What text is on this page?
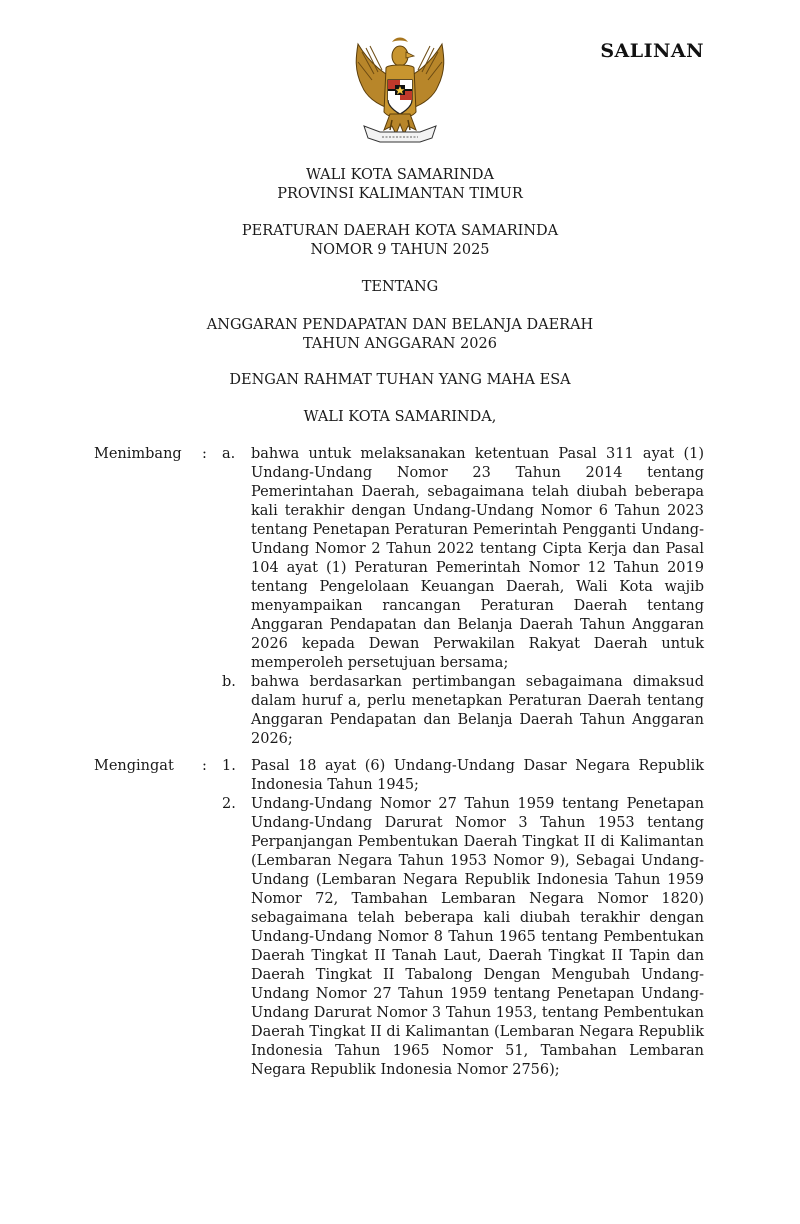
SALINAN
WALI KOTA SAMARINDA
PROVINSI KALIMANTAN TIMUR
PERATURAN DAERAH KOTA SAMARINDA
NOMOR 9 TAHUN 2025
TENTANG
ANGGARAN PENDAPATAN DAN BELANJA DAERAH
TAHUN ANGGARAN 2026
DENGAN RAHMAT TUHAN YANG MAHA ESA
WALI KOTA SAMARINDA,
Menimbang : a. bahwa untuk melaksanakan ketentuan Pasal 311 ayat (1) Undang-Undang Nomor 23 Tahun 2014 tentang Pemerintahan Daerah, sebagaimana telah diubah beberapa kali terakhir dengan Undang-Undang Nomor 6 Tahun 2023 tentang Penetapan Peraturan Pemerintah Pengganti Undang-Undang Nomor 2 Tahun 2022 tentang Cipta Kerja dan Pasal 104 ayat (1) Peraturan Pemerintah Nomor 12 Tahun 2019 tentang Pengelolaan Keuangan Daerah, Wali Kota wajib menyampaikan rancangan Peraturan Daerah tentang Anggaran Pendapatan dan Belanja Daerah Tahun Anggaran 2026 kepada Dewan Perwakilan Rakyat Daerah untuk memperoleh persetujuan bersama;
b. bahwa berdasarkan pertimbangan sebagaimana dimaksud dalam huruf a, perlu menetapkan Peraturan Daerah tentang Anggaran Pendapatan dan Belanja Daerah Tahun Anggaran 2026;
Mengingat : 1. Pasal 18 ayat (6) Undang-Undang Dasar Negara Republik Indonesia Tahun 1945;
2. Undang-Undang Nomor 27 Tahun 1959 tentang Penetapan Undang-Undang Darurat Nomor 3 Tahun 1953 tentang Perpanjangan Pembentukan Daerah Tingkat II di Kalimantan (Lembaran Negara Tahun 1953 Nomor 9), Sebagai Undang-Undang (Lembaran Negara Republik Indonesia Tahun 1959 Nomor 72, Tambahan Lembaran Negara Nomor 1820) sebagaimana telah beberapa kali diubah terakhir dengan Undang-Undang Nomor 8 Tahun 1965 tentang Pembentukan Daerah Tingkat II Tanah Laut, Daerah Tingkat II Tapin dan Daerah Tingkat II Tabalong Dengan Mengubah Undang-Undang Nomor 27 Tahun 1959 tentang Penetapan Undang-Undang Darurat Nomor 3 Tahun 1953, tentang Pembentukan Daerah Tingkat II di Kalimantan (Lembaran Negara Republik Indonesia Tahun 1965 Nomor 51, Tambahan Lembaran Negara Republik Indonesia Nomor 2756);
